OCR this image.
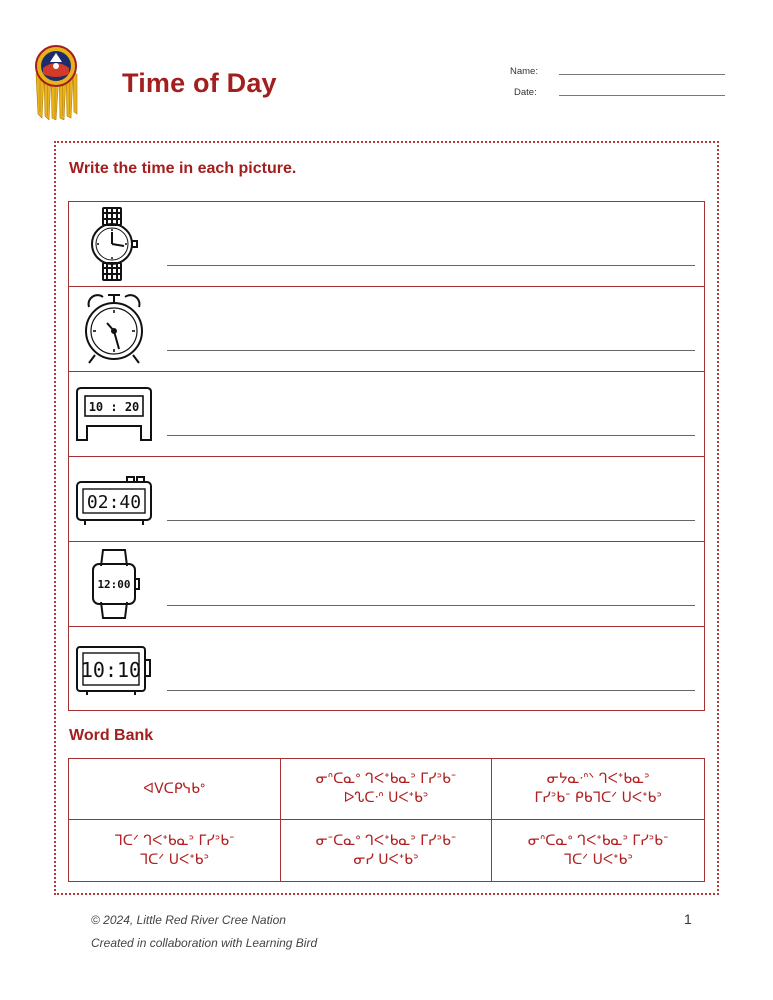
Time of Day	Name:
Date:
Write the time in each picture.
10 : 20
02:40
12:00
10:10
Word Bank
ᐊᐯᑕᑭᓭᑲᐤ
ᓂᐢᑕᓇᐤ ᒉᐸᕀᑲᓇᐣ ᒥᓯᐣᑲᐨ
ᐅᔐᑕᐧᐢ ᑌᐸᕀᑲᐣ
ᓂᔭᓇᐧᐢᐠ ᒉᐸᕀᑲᓇᐣ
ᒥᓯᐣᑲᐨ ᑭᑲᒣᑕᐟ ᑌᐸᕀᑲᐣ
ᒣᑕᐟ ᒉᐸᕀᑲᓇᐣ ᒥᓯᐣᑲᐨ
ᒣᑕᐟ ᑌᐸᕀᑲᐣ
ᓂᐨᑕᓇᐤ ᒉᐸᕀᑲᓇᐣ ᒥᓯᐣᑲᐨ
ᓂᓯ ᑌᐸᕀᑲᐣ
ᓂᐢᑕᓇᐤ ᒉᐸᕀᑲᓇᐣ ᒥᓯᐣᑲᐨ
ᒣᑕᐟ ᑌᐸᕀᑲᐣ

© 2024, Little Red River Cree Nation

Created in collaboration with Learning Bird

1
